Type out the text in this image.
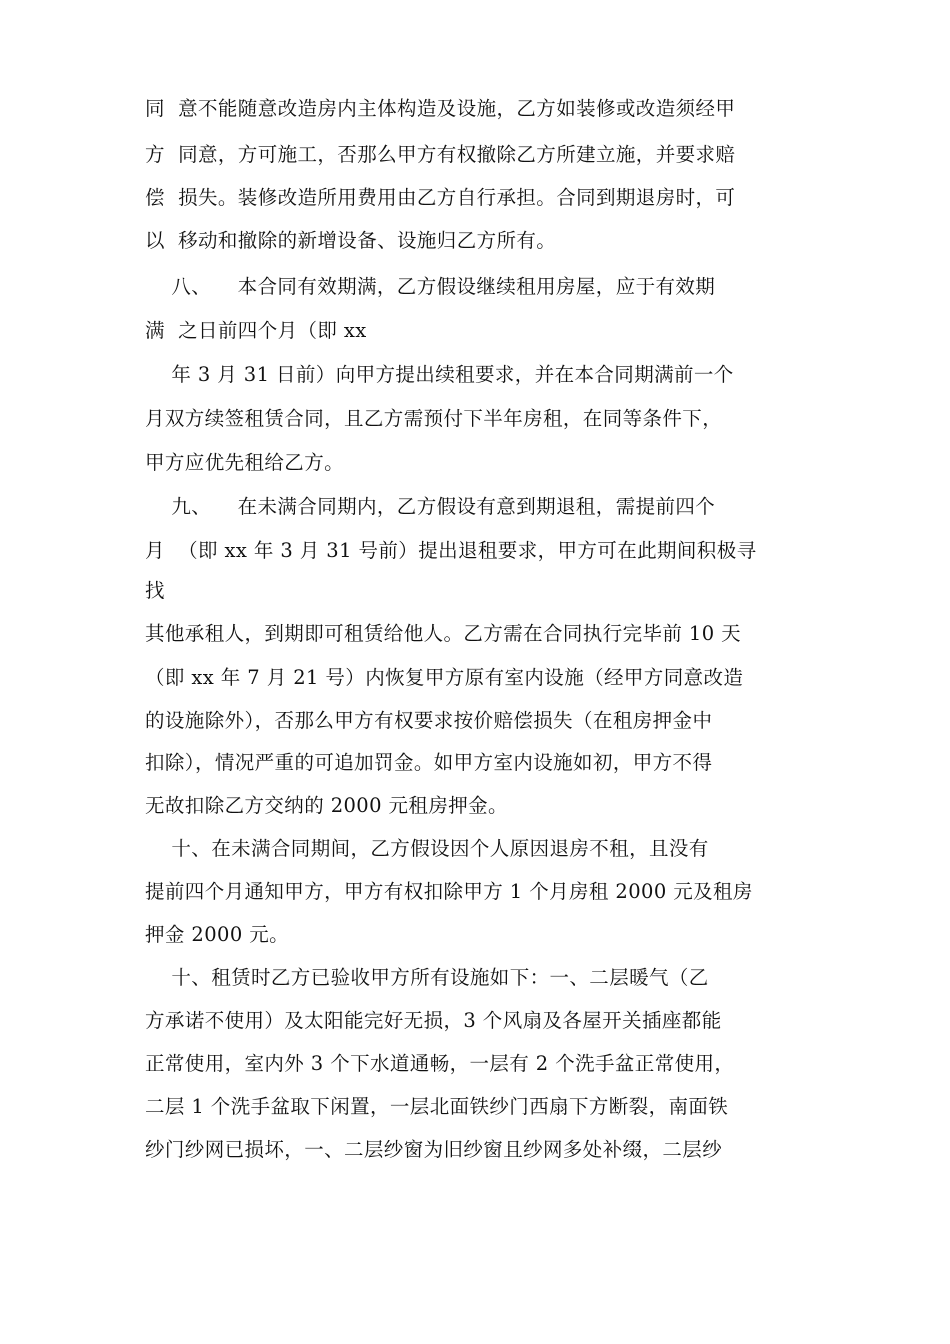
同  意不能随意改造房内主体构造及设施，乙方如装修或改造须经甲
方  同意，方可施工，否那么甲方有权撤除乙方所建立施，并要求赔
偿  损失。装修改造所用费用由乙方自行承担。合同到期退房时，可
以  移动和撤除的新增设备、设施归乙方所有。
八、    本合同有效期满，乙方假设继续租用房屋，应于有效期
满  之日前四个月（即 xx
年 3 月 31 日前）向甲方提出续租要求，并在本合同期满前一个
月双方续签租赁合同，且乙方需预付下半年房租，在同等条件下，
甲方应优先租给乙方。
九、    在未满合同期内，乙方假设有意到期退租，需提前四个
月  （即 xx 年 3 月 31 号前）提出退租要求，甲方可在此期间积极寻
找
其他承租人，到期即可租赁给他人。乙方需在合同执行完毕前 10 天
（即 xx 年 7 月 21 号）内恢复甲方原有室内设施（经甲方同意改造
的设施除外），否那么甲方有权要求按价赔偿损失（在租房押金中
扣除），情况严重的可追加罚金。如甲方室内设施如初，甲方不得
无故扣除乙方交纳的 2000 元租房押金。
十、在未满合同期间，乙方假设因个人原因退房不租，且没有
提前四个月通知甲方，甲方有权扣除甲方 1 个月房租 2000 元及租房
押金 2000 元。
十、租赁时乙方已验收甲方所有设施如下：一、二层暖气（乙
方承诺不使用）及太阳能完好无损，3 个风扇及各屋开关插座都能
正常使用，室内外 3 个下水道通畅，一层有 2 个洗手盆正常使用，
二层 1 个洗手盆取下闲置，一层北面铁纱门西扇下方断裂，南面铁
纱门纱网已损坏，一、二层纱窗为旧纱窗且纱网多处补缀，二层纱
